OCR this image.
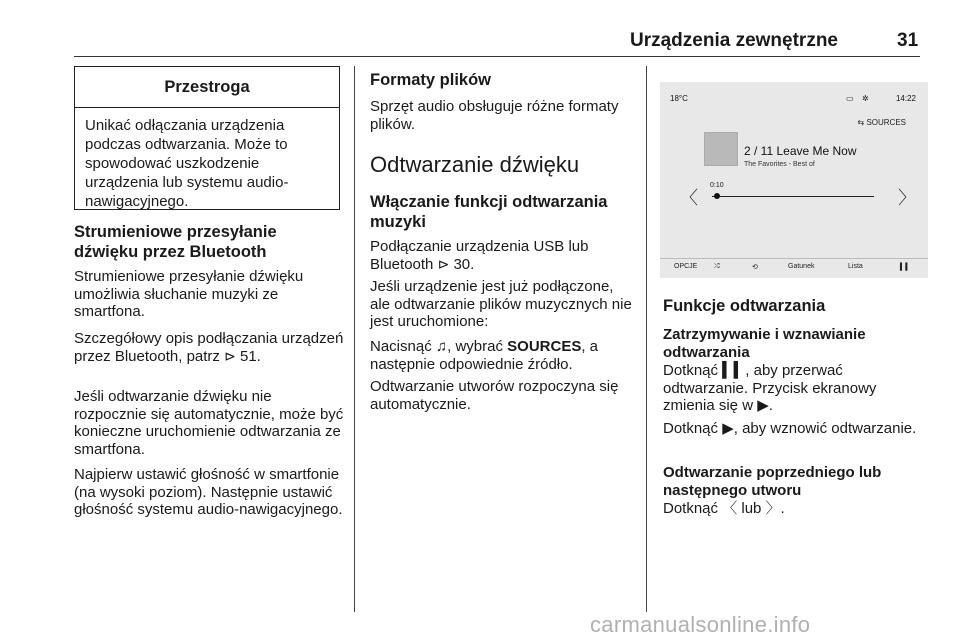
Urządzenia zewnętrzne	31
Przestroga
Unikać odłączania urządzenia podczas odtwarzania. Może to spowodować uszkodzenie urządzenia lub systemu audio-nawigacyjnego.
Strumieniowe przesyłanie dźwięku przez Bluetooth
Strumieniowe przesyłanie dźwięku umożliwia słuchanie muzyki ze smartfona.
Szczegółowy opis podłączania urządzeń przez Bluetooth, patrz ⊳ 51.
Jeśli odtwarzanie dźwięku nie rozpocznie się automatycznie, może być konieczne uruchomienie odtwarzania ze smartfona.
Najpierw ustawić głośność w smartfonie (na wysoki poziom). Następnie ustawić głośność systemu audio-nawigacyjnego.
Formaty plików
Sprzęt audio obsługuje różne formaty plików.
Odtwarzanie dźwięku
Włączanie funkcji odtwarzania muzyki
Podłączanie urządzenia USB lub Bluetooth ⊳ 30.
Jeśli urządzenie jest już podłączone, ale odtwarzanie plików muzycznych nie jest uruchomione:
Nacisnąć ♫, wybrać SOURCES, a następnie odpowiednie źródło.
Odtwarzanie utworów rozpoczyna się automatycznie.
18°C	▭ ✲	14:22
⇆ SOURCES
2 / 11 Leave Me Now
The Favorites - Best of
0:10
〈	〉
OPCJE ⤮	⟲	Gatunek	Lista	▍▍
Funkcje odtwarzania
Zatrzymywanie i wznawianie odtwarzania
Dotknąć ▍▍, aby przerwać odtwarzanie. Przycisk ekranowy zmienia się w ▶.
Dotknąć ▶, aby wznowić odtwarzanie.
Odtwarzanie poprzedniego lub następnego utworu
Dotknąć 〈 lub 〉.
carmanualsonline.info
